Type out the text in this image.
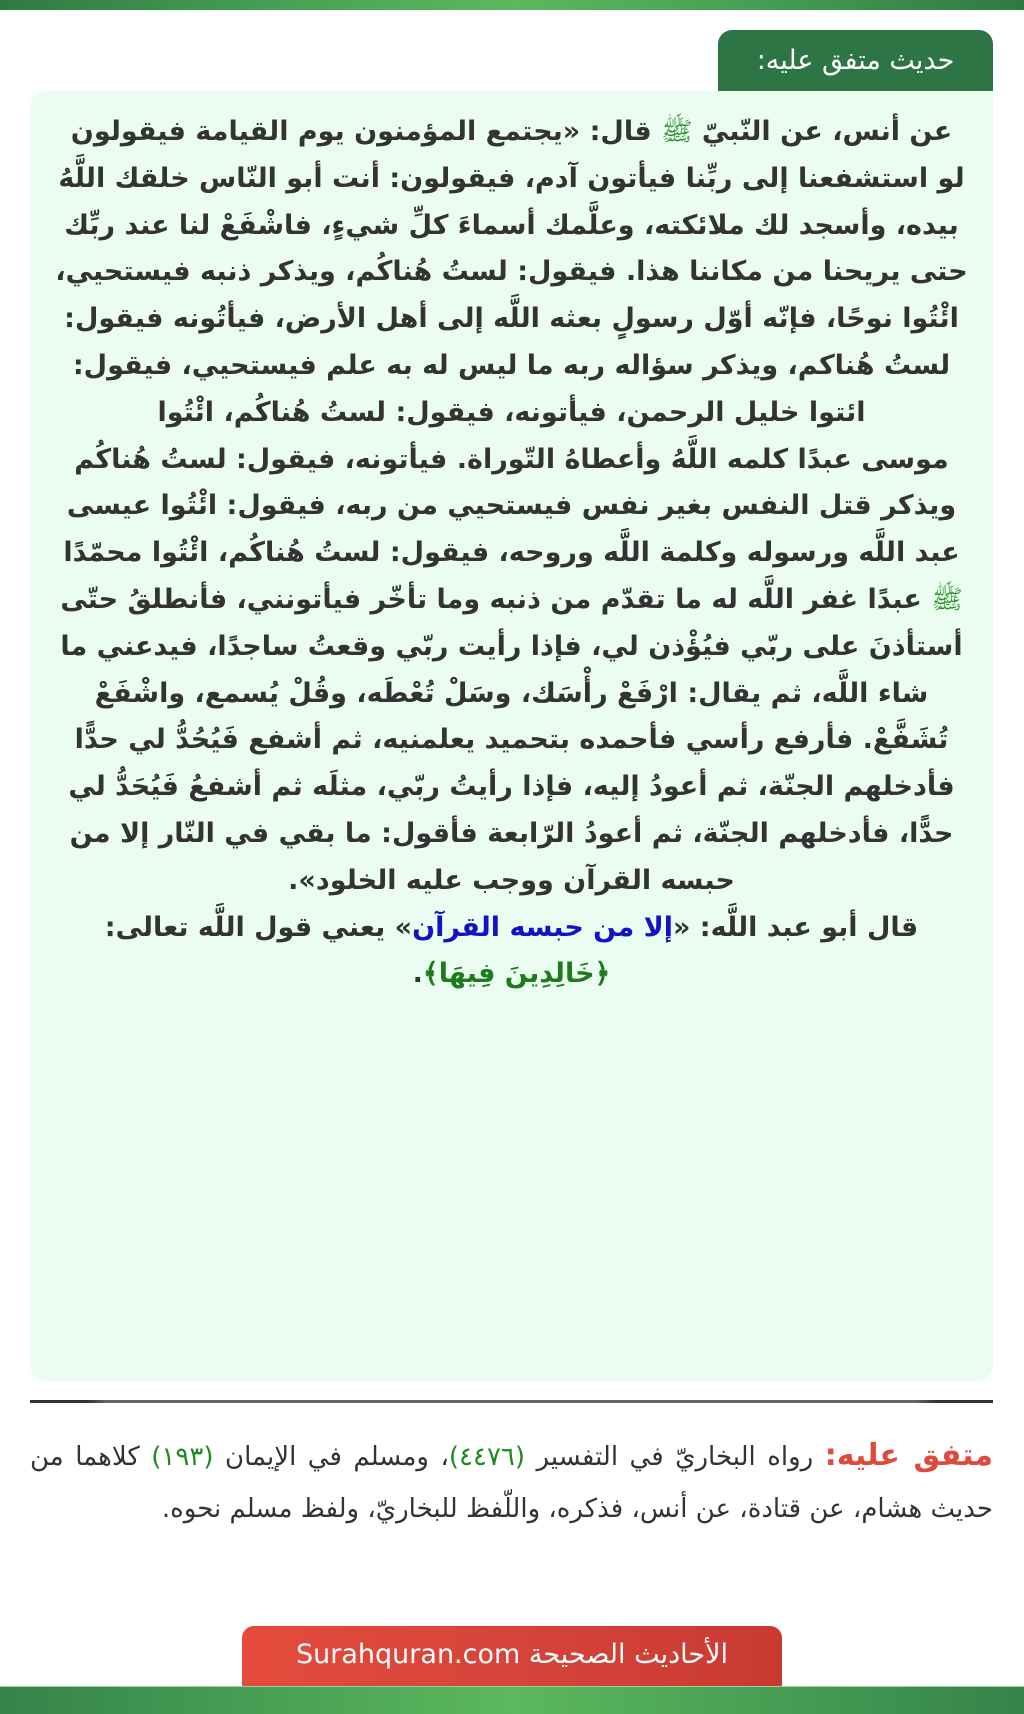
حديث متفق عليه:

عن أنس، عن النّبيّ ﷺ قال: «يجتمع المؤمنون يوم القيامة فيقولون لو استشفعنا إلى ربِّنا فيأتون آدم، فيقولون: أنت أبو النّاس خلقك اللَّهُ بيده، وأسجد لك ملائكته، وعلَّمك أسماءَ كلِّ شيءٍ، فاشْفَعْ لنا عند ربِّك حتى يريحنا من مكاننا هذا. فيقول: لستُ هُناكُم، ويذكر ذنبه فيستحيي، ائْتُوا نوحًا، فإنّه أوّل رسولٍ بعثه اللَّه إلى أهل الأرض، فيأتُونه فيقول: لستُ هُناكم، ويذكر سؤاله ربه ما ليس له به علم فيستحيي، فيقول: ائتوا خليل الرحمن، فيأتونه، فيقول: لستُ هُناكُم، ائْتُوا
موسى عبدًا كلمه اللَّهُ وأعطاهُ التّوراة. فيأتونه، فيقول: لستُ هُناكُم ويذكر قتل النفس بغير نفس فيستحيي من ربه، فيقول: ائْتُوا عيسى عبد اللَّه ورسوله وكلمة اللَّه وروحه، فيقول: لستُ هُناكُم، ائْتُوا محمّدًا ﷺ عبدًا غفر اللَّه له ما تقدّم من ذنبه وما تأخّر فيأتونني، فأنطلقُ حتّى أستأذنَ على ربّي فيُؤْذن لي، فإذا رأيت ربّي وقعتُ ساجدًا، فيدعني ما شاء اللَّه، ثم يقال: ارْفَعْ رأْسَك، وسَلْ تُعْطَه، وقُلْ يُسمع، واشْفَعْ تُشَفَّعْ. فأرفع رأسي فأحمده بتحميد يعلمنيه، ثم أشفع فَيُحُدُّ لي حدًّا فأدخلهم الجنّة، ثم أعودُ إليه، فإذا رأيتُ ربّي، مثلَه ثم أشفعُ فَيُحَدُّ لي حدًّا، فأدخلهم الجنّة، ثم أعودُ الرّابعة فأقول: ما بقي في النّار إلا من حبسه القرآن ووجب عليه الخلود».
قال أبو عبد اللَّه: «إلا من حبسه القرآن» يعني قول اللَّه تعالى: ﴿خَالِدِينَ فِيهَا﴾.

متفق عليه: رواه البخاريّ في التفسير (٤٤٧٦)، ومسلم في الإيمان (١٩٣) كلاهما من حديث هشام، عن قتادة، عن أنس، فذكره، واللّفظ للبخاريّ، ولفظ مسلم نحوه.

الأحاديث الصحيحة Surahquran.com
